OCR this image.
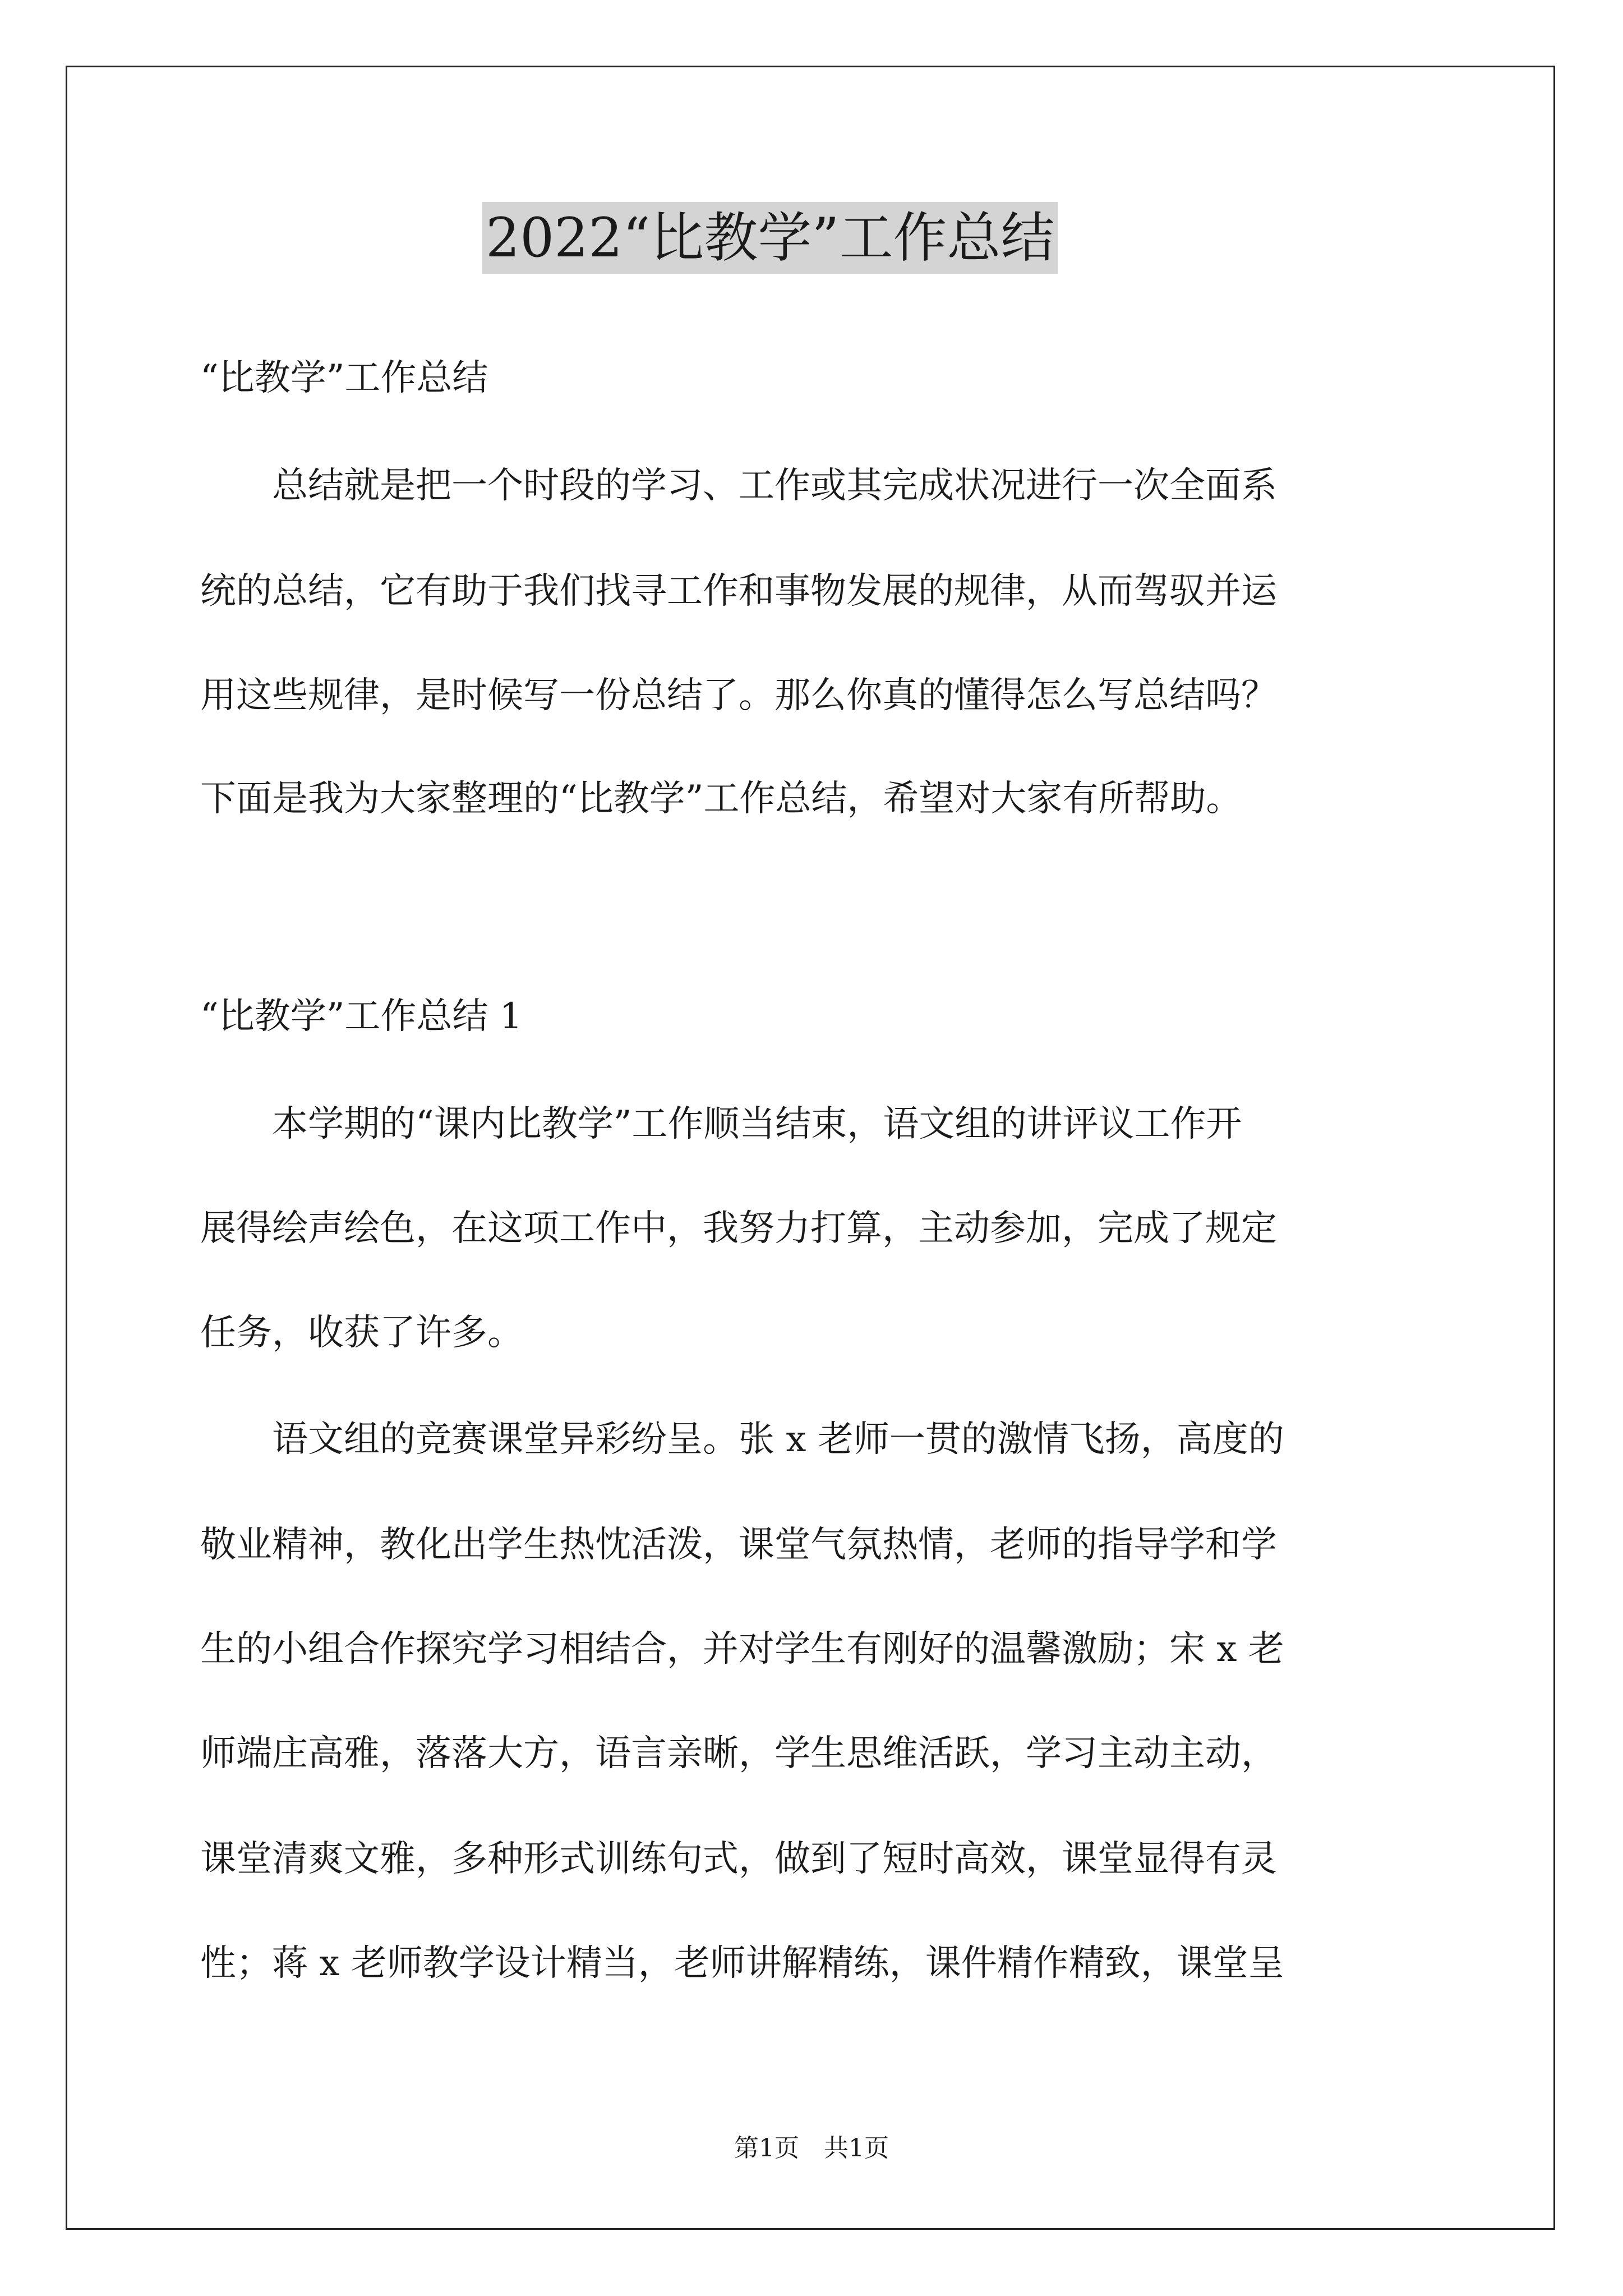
2022“比教学”工作总结
“比教学”工作总结
　　总结就是把一个时段的学习、工作或其完成状况进行一次全面系
统的总结，它有助于我们找寻工作和事物发展的规律，从而驾驭并运
用这些规律，是时候写一份总结了。那么你真的懂得怎么写总结吗？
下面是我为大家整理的“比教学”工作总结，希望对大家有所帮助。
“比教学”工作总结 1
　　本学期的“课内比教学”工作顺当结束，语文组的讲评议工作开
展得绘声绘色，在这项工作中，我努力打算，主动参加，完成了规定
任务，收获了许多。
　　语文组的竞赛课堂异彩纷呈。张 x 老师一贯的激情飞扬，高度的
敬业精神，教化出学生热忱活泼，课堂气氛热情，老师的指导学和学
生的小组合作探究学习相结合，并对学生有刚好的温馨激励；宋 x 老
师端庄高雅，落落大方，语言亲晰，学生思维活跃，学习主动主动，
课堂清爽文雅，多种形式训练句式，做到了短时高效，课堂显得有灵
性；蒋 x 老师教学设计精当，老师讲解精练，课件精作精致，课堂呈
第1页　共1页
